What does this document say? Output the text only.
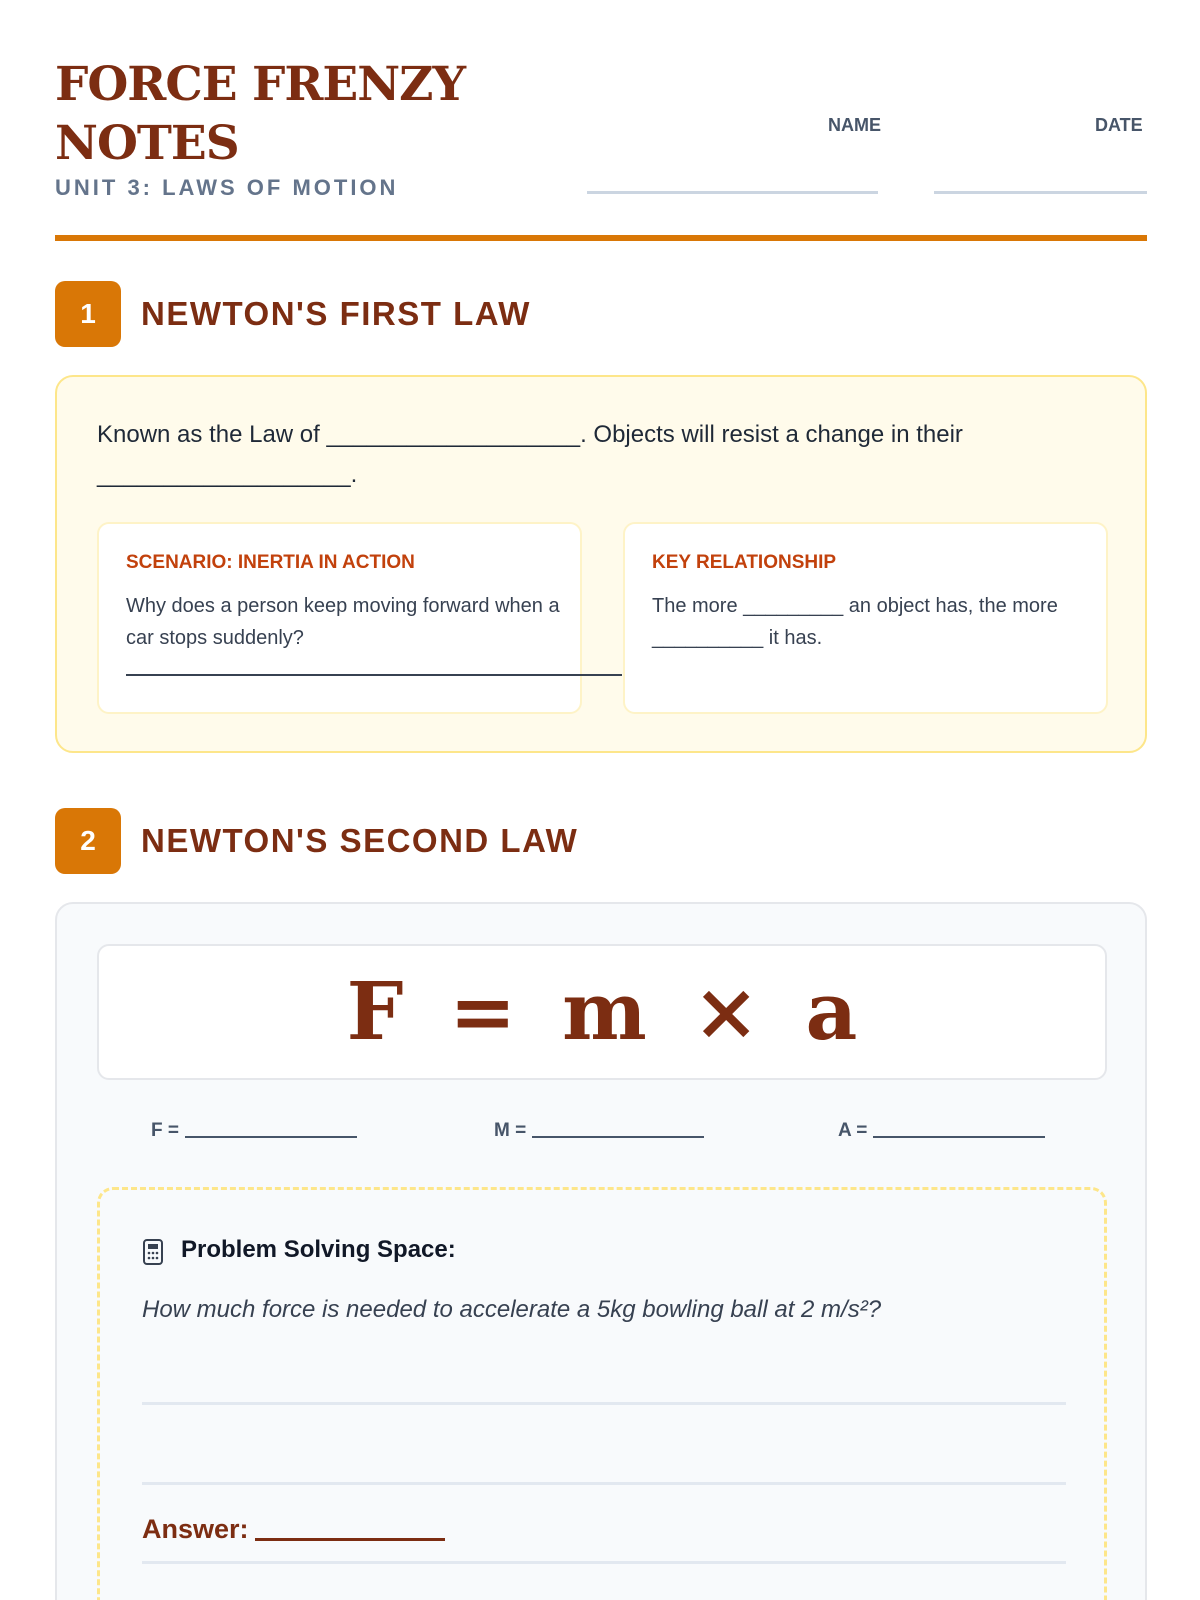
FORCE FRENZY
NOTES
UNIT 3: LAWS OF MOTION
NAME	DATE
1	NEWTON'S FIRST LAW
Known as the Law of ___________________. Objects will resist a change in their ___________________.
SCENARIO: INERTIA IN ACTION
Why does a person keep moving forward when a car stops suddenly?
KEY RELATIONSHIP
The more _________ an object has, the more __________ it has.
2	NEWTON'S SECOND LAW
F = m × a
F =	M =	A =
Problem Solving Space:
How much force is needed to accelerate a 5kg bowling ball at 2 m/s²?
Answer:
